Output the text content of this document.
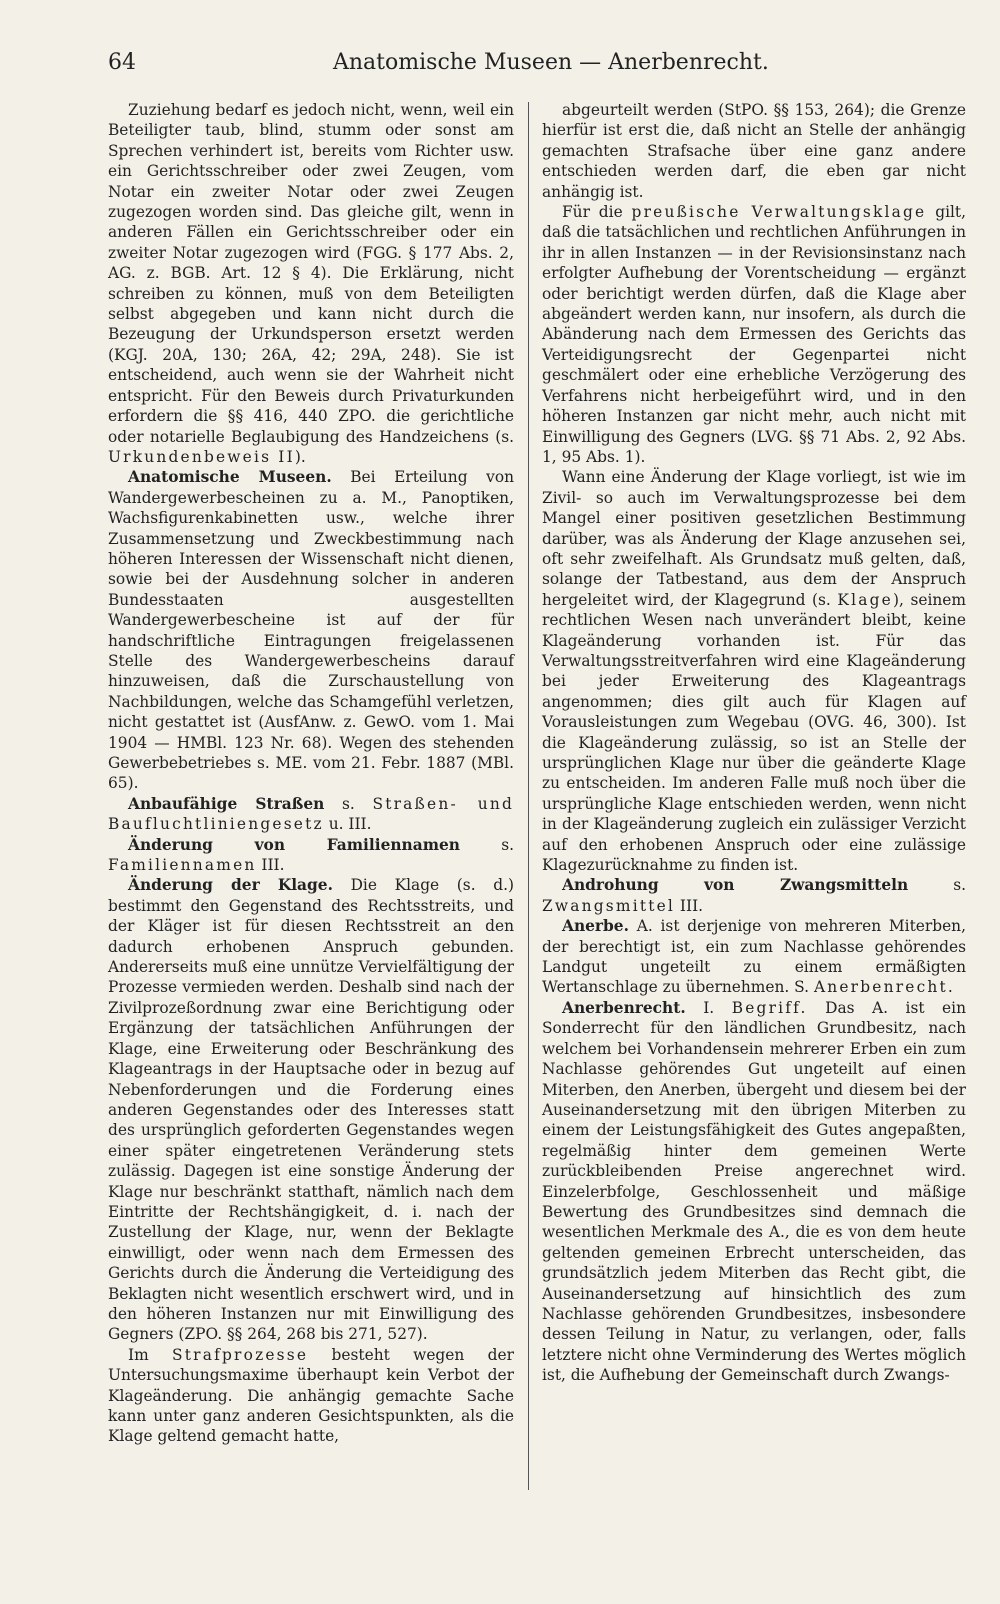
64	Anatomische Museen — Anerbenrecht.

Zuziehung bedarf es jedoch nicht, wenn, weil ein Beteiligter taub, blind, stumm oder sonst am Sprechen verhindert ist, bereits vom Richter usw. ein Gerichtsschreiber oder zwei Zeugen, vom Notar ein zweiter Notar oder zwei Zeugen zugezogen worden sind. Das gleiche gilt, wenn in anderen Fällen ein Gerichtsschreiber oder ein zweiter Notar zugezogen wird (FGG. § 177 Abs. 2, AG. z. BGB. Art. 12 § 4). Die Erklärung, nicht schreiben zu können, muß von dem Beteiligten selbst abgegeben und kann nicht durch die Bezeugung der Urkundsperson ersetzt werden (KGJ. 20A, 130; 26A, 42; 29A, 248). Sie ist entscheidend, auch wenn sie der Wahrheit nicht entspricht. Für den Beweis durch Privaturkunden erfordern die §§ 416, 440 ZPO. die gerichtliche oder notarielle Beglaubigung des Handzeichens (s. Urkundenbeweis II).

Anatomische Museen. Bei Erteilung von Wandergewerbescheinen zu a. M., Panoptiken, Wachsfigurenkabinetten usw., welche ihrer Zusammensetzung und Zweckbestimmung nach höheren Interessen der Wissenschaft nicht dienen, sowie bei der Ausdehnung solcher in anderen Bundesstaaten ausgestellten Wandergewerbescheine ist auf der für handschriftliche Eintragungen freigelassenen Stelle des Wandergewerbescheins darauf hinzuweisen, daß die Zurschaustellung von Nachbildungen, welche das Schamgefühl verletzen, nicht gestattet ist (AusfAnw. z. GewO. vom 1. Mai 1904 — HMBl. 123 Nr. 68). Wegen des stehenden Gewerbebetriebes s. ME. vom 21. Febr. 1887 (MBl. 65).

Anbaufähige Straßen s. Straßen- und Baufluchtliniengesetz u. III.

Änderung von Familiennamen s. Familiennamen III.

Änderung der Klage. Die Klage (s. d.) bestimmt den Gegenstand des Rechtsstreits, und der Kläger ist für diesen Rechtsstreit an den dadurch erhobenen Anspruch gebunden. Andererseits muß eine unnütze Vervielfältigung der Prozesse vermieden werden. Deshalb sind nach der Zivilprozeßordnung zwar eine Berichtigung oder Ergänzung der tatsächlichen Anführungen der Klage, eine Erweiterung oder Beschränkung des Klageantrags in der Hauptsache oder in bezug auf Nebenforderungen und die Forderung eines anderen Gegenstandes oder des Interesses statt des ursprünglich geforderten Gegenstandes wegen einer später eingetretenen Veränderung stets zulässig. Dagegen ist eine sonstige Änderung der Klage nur beschränkt statthaft, nämlich nach dem Eintritte der Rechtshängigkeit, d. i. nach der Zustellung der Klage, nur, wenn der Beklagte einwilligt, oder wenn nach dem Ermessen des Gerichts durch die Änderung die Verteidigung des Beklagten nicht wesentlich erschwert wird, und in den höheren Instanzen nur mit Einwilligung des Gegners (ZPO. §§ 264, 268 bis 271, 527).

Im Strafprozesse besteht wegen der Untersuchungsmaxime überhaupt kein Verbot der Klageänderung. Die anhängig gemachte Sache kann unter ganz anderen Gesichtspunkten, als die Klage geltend gemacht hatte,

abgeurteilt werden (StPO. §§ 153, 264); die Grenze hierfür ist erst die, daß nicht an Stelle der anhängig gemachten Strafsache über eine ganz andere entschieden werden darf, die eben gar nicht anhängig ist.

Für die preußische Verwaltungsklage gilt, daß die tatsächlichen und rechtlichen Anführungen in ihr in allen Instanzen — in der Revisionsinstanz nach erfolgter Aufhebung der Vorentscheidung — ergänzt oder berichtigt werden dürfen, daß die Klage aber abgeändert werden kann, nur insofern, als durch die Abänderung nach dem Ermessen des Gerichts das Verteidigungsrecht der Gegenpartei nicht geschmälert oder eine erhebliche Verzögerung des Verfahrens nicht herbeigeführt wird, und in den höheren Instanzen gar nicht mehr, auch nicht mit Einwilligung des Gegners (LVG. §§ 71 Abs. 2, 92 Abs. 1, 95 Abs. 1).

Wann eine Änderung der Klage vorliegt, ist wie im Zivil- so auch im Verwaltungsprozesse bei dem Mangel einer positiven gesetzlichen Bestimmung darüber, was als Änderung der Klage anzusehen sei, oft sehr zweifelhaft. Als Grundsatz muß gelten, daß, solange der Tatbestand, aus dem der Anspruch hergeleitet wird, der Klagegrund (s. Klage), seinem rechtlichen Wesen nach unverändert bleibt, keine Klageänderung vorhanden ist. Für das Verwaltungsstreitverfahren wird eine Klageänderung bei jeder Erweiterung des Klageantrags angenommen; dies gilt auch für Klagen auf Vorausleistungen zum Wegebau (OVG. 46, 300). Ist die Klageänderung zulässig, so ist an Stelle der ursprünglichen Klage nur über die geänderte Klage zu entscheiden. Im anderen Falle muß noch über die ursprüngliche Klage entschieden werden, wenn nicht in der Klageänderung zugleich ein zulässiger Verzicht auf den erhobenen Anspruch oder eine zulässige Klagezurücknahme zu finden ist.

Androhung von Zwangsmitteln s. Zwangsmittel III.

Anerbe. A. ist derjenige von mehreren Miterben, der berechtigt ist, ein zum Nachlasse gehörendes Landgut ungeteilt zu einem ermäßigten Wertanschlage zu übernehmen. S. Anerbenrecht.

Anerbenrecht. I. Begriff. Das A. ist ein Sonderrecht für den ländlichen Grundbesitz, nach welchem bei Vorhandensein mehrerer Erben ein zum Nachlasse gehörendes Gut ungeteilt auf einen Miterben, den Anerben, übergeht und diesem bei der Auseinandersetzung mit den übrigen Miterben zu einem der Leistungsfähigkeit des Gutes angepaßten, regelmäßig hinter dem gemeinen Werte zurückbleibenden Preise angerechnet wird. Einzelerbfolge, Geschlossenheit und mäßige Bewertung des Grundbesitzes sind demnach die wesentlichen Merkmale des A., die es von dem heute geltenden gemeinen Erbrecht unterscheiden, das grundsätzlich jedem Miterben das Recht gibt, die Auseinandersetzung auf hinsichtlich des zum Nachlasse gehörenden Grundbesitzes, insbesondere dessen Teilung in Natur, zu verlangen, oder, falls letztere nicht ohne Verminderung des Wertes möglich ist, die Aufhebung der Gemeinschaft durch Zwangs-
